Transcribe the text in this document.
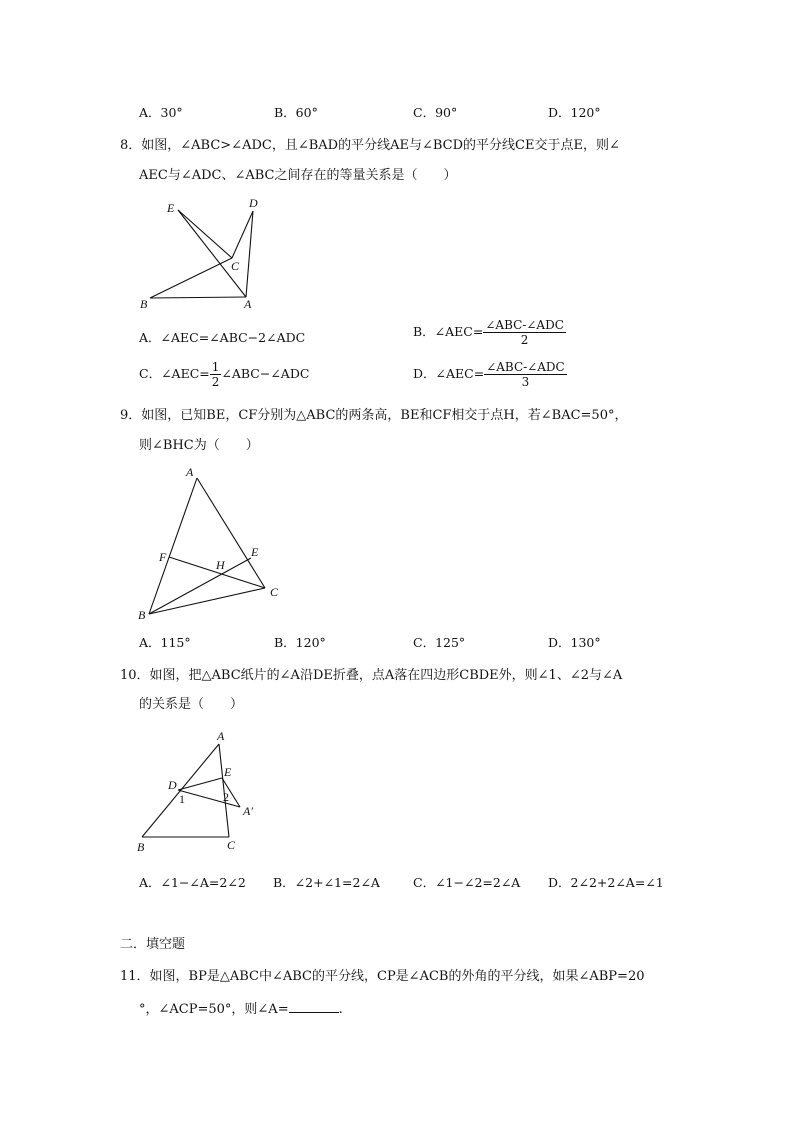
A．30°	B．60°	C．90°	D．120°
8．如图，∠ABC>∠ADC，且∠BAD的平分线AE与∠BCD的平分线CE交于点E，则∠
AEC与∠ADC、∠ABC之间存在的等量关系是（　　）
E	D
C
B	A
A．∠AEC=∠ABC−2∠ADC	B．∠AEC= $\frac{\text{∠ABC-∠ADC}}{2}$
C．∠AEC= $\frac{1}{2}$ ∠ABC−∠ADC	D．∠AEC= $\frac{\text{∠ABC-∠ADC}}{3}$
9．如图，已知BE，CF分别为△ABC的两条高，BE和CF相交于点H，若∠BAC=50°，
则∠BHC为（　　）
A
F	E
H
C
B
A．115°	B．120°	C．125°	D．130°
10．如图，把△ABC纸片的∠A沿DE折叠，点A落在四边形CBDE外，则∠1、∠2与∠A
的关系是（　　）
A
E
D
1	2
A′
B	C
A．∠1−∠A=2∠2 B．∠2+∠1=2∠A	C．∠1−∠2=2∠A D．2∠2+2∠A=∠1
二．填空题
11．如图，BP是△ABC中∠ABC的平分线，CP是∠ACB的外角的平分线，如果∠ABP=20
°，∠ACP=50°，则∠A=	.
